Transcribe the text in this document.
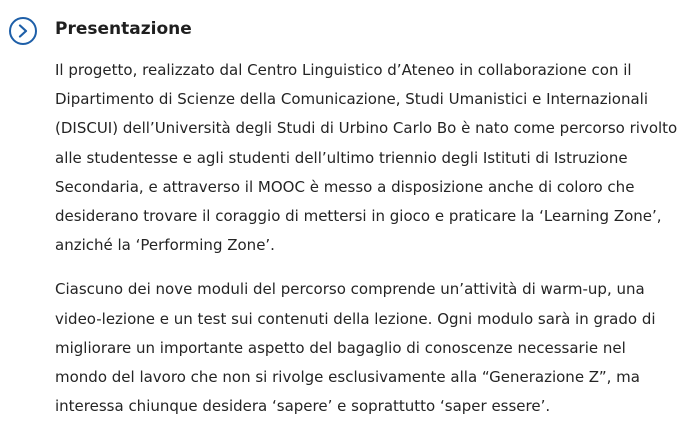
Presentazione

Il progetto, realizzato dal Centro Linguistico d’Ateneo in collaborazione con il
Dipartimento di Scienze della Comunicazione, Studi Umanistici e Internazionali
(DISCUI) dell’Università degli Studi di Urbino Carlo Bo è nato come percorso rivolto
alle studentesse e agli studenti dell’ultimo triennio degli Istituti di Istruzione
Secondaria, e attraverso il MOOC è messo a disposizione anche di coloro che
desiderano trovare il coraggio di mettersi in gioco e praticare la ‘Learning Zone’,
anziché la ‘Performing Zone’.

Ciascuno dei nove moduli del percorso comprende un’attività di warm-up, una
video-lezione e un test sui contenuti della lezione. Ogni modulo sarà in grado di
migliorare un importante aspetto del bagaglio di conoscenze necessarie nel
mondo del lavoro che non si rivolge esclusivamente alla “Generazione Z”, ma
interessa chiunque desidera ‘sapere’ e soprattutto ‘saper essere’.
